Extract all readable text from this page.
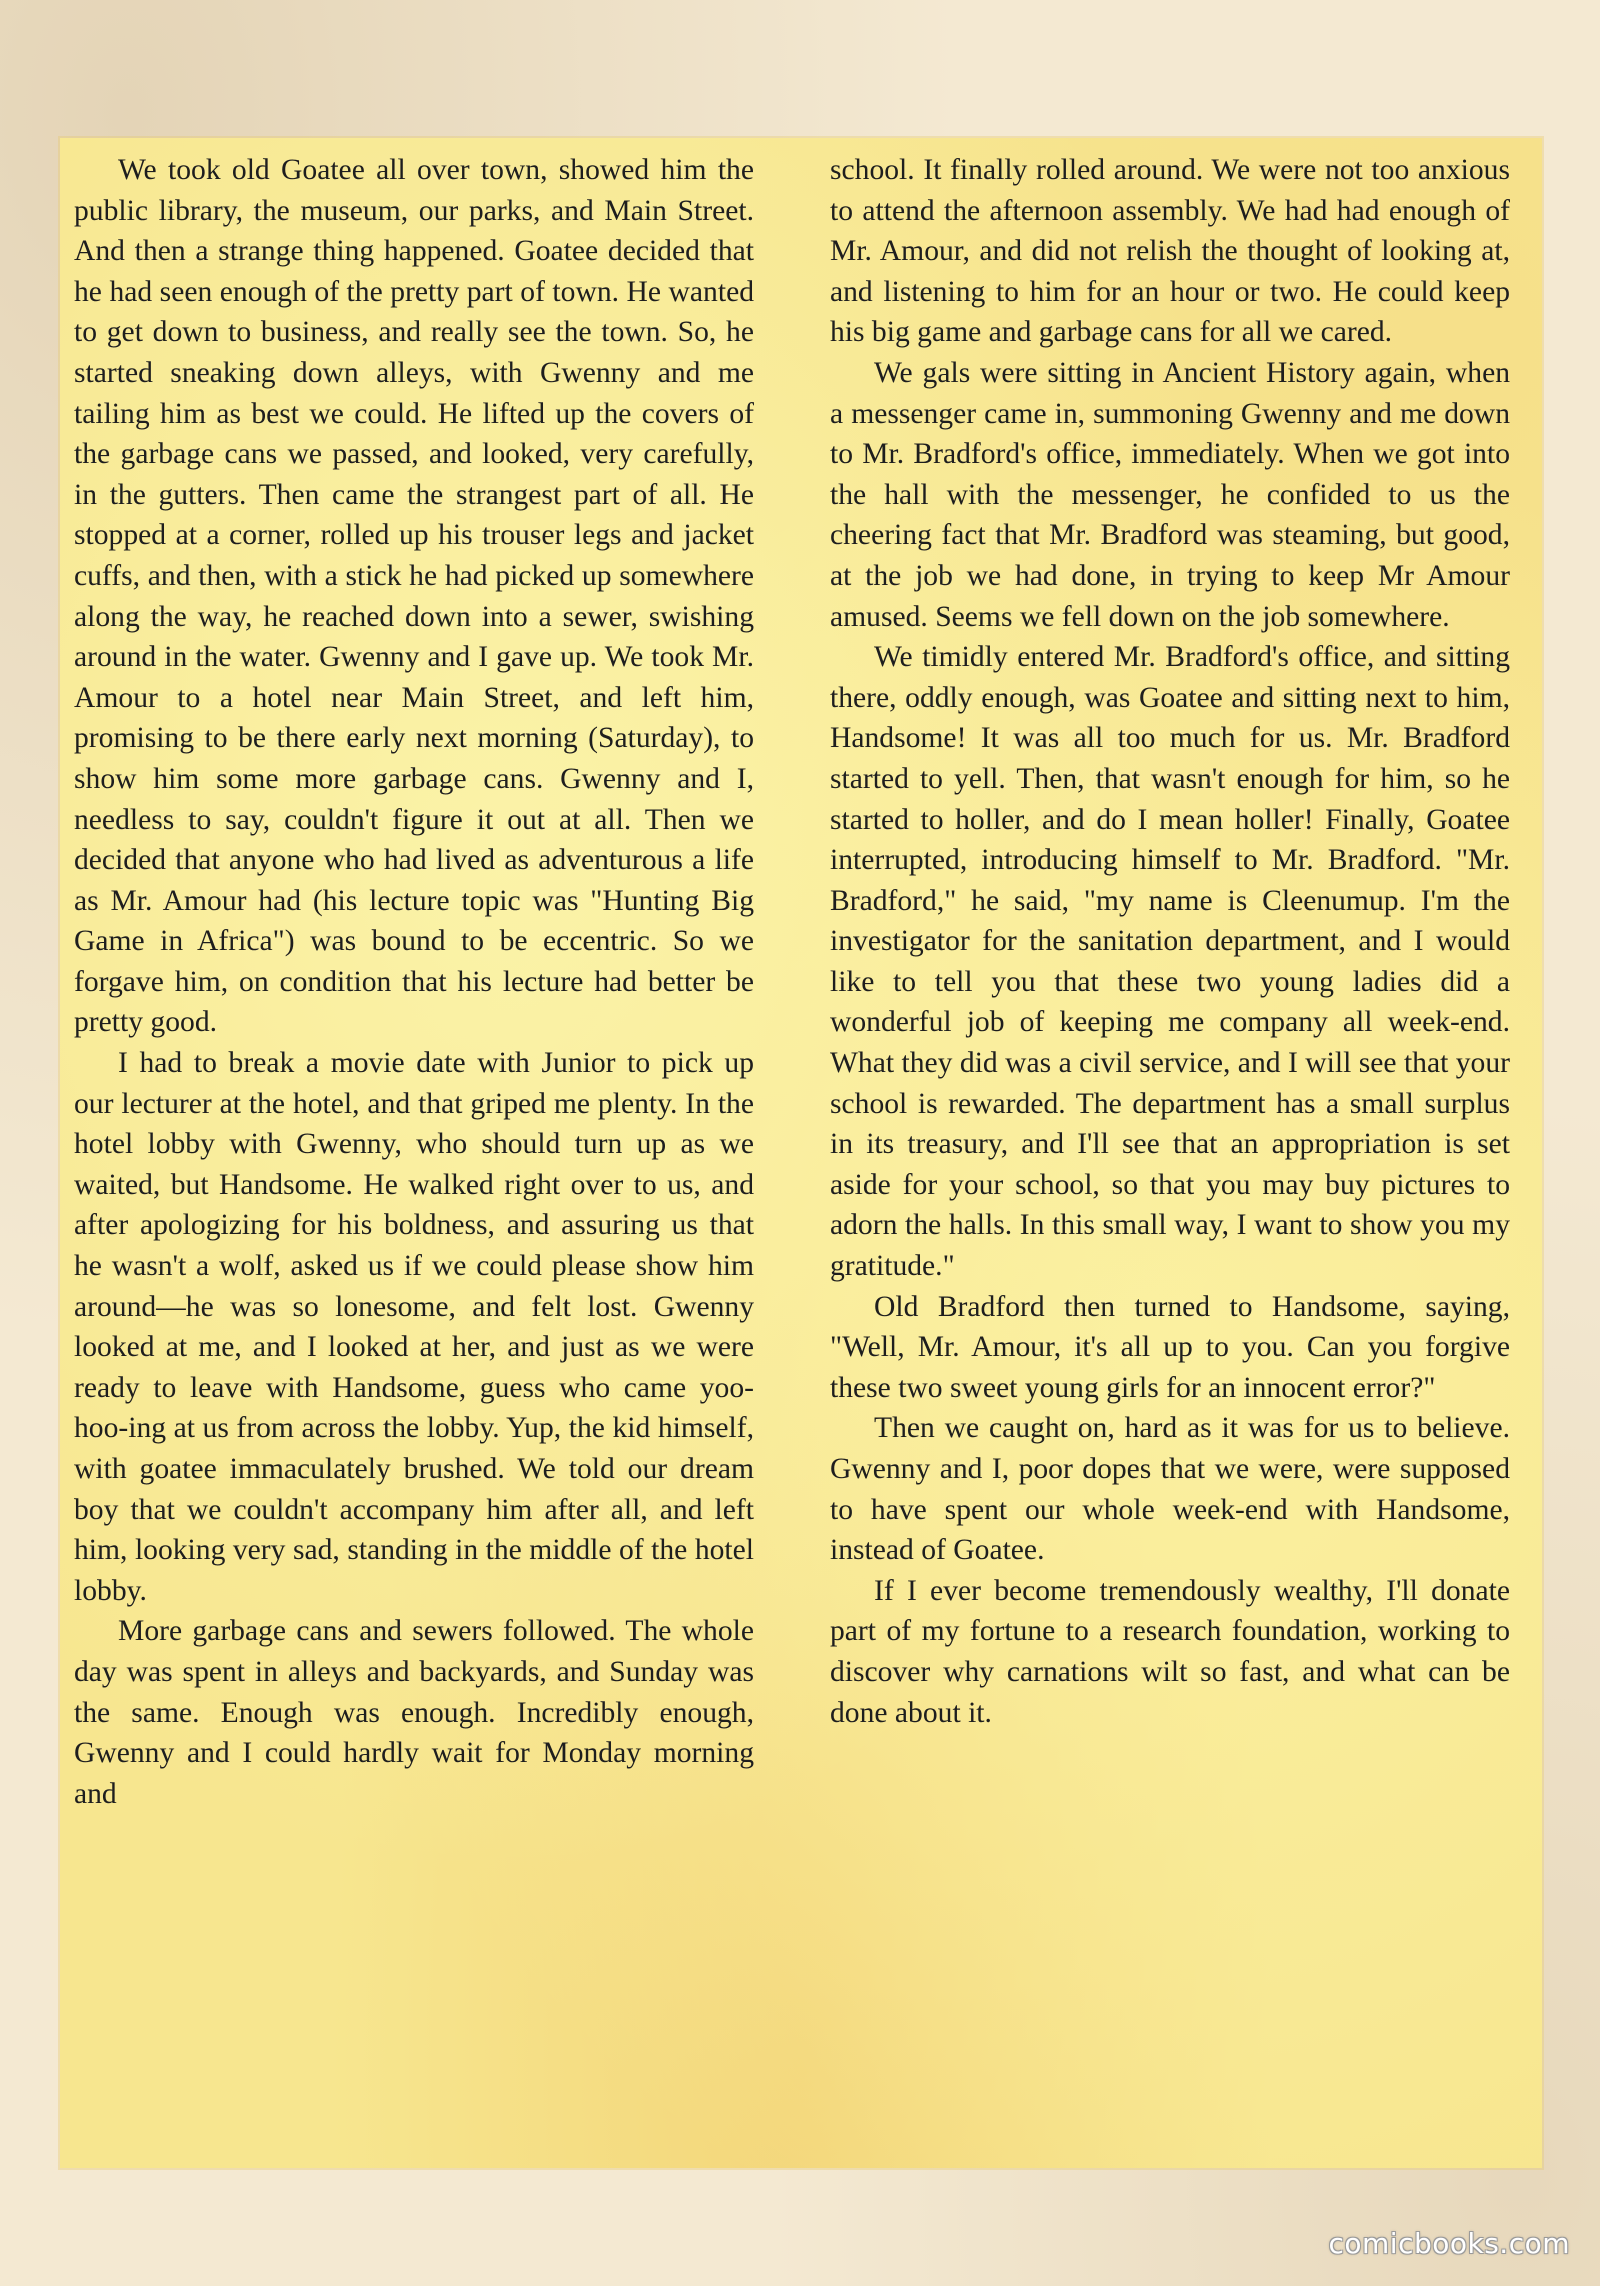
We took old Goatee all over town, showed him the public library, the museum, our parks, and Main Street. And then a strange thing happened. Goatee decided that he had seen enough of the pretty part of town. He wanted to get down to business, and really see the town. So, he started sneaking down alleys, with Gwenny and me tailing him as best we could. He lifted up the covers of the garbage cans we passed, and looked, very carefully, in the gutters. Then came the strangest part of all. He stopped at a corner, rolled up his trouser legs and jacket cuffs, and then, with a stick he had picked up somewhere along the way, he reached down into a sewer, swishing around in the water. Gwenny and I gave up. We took Mr. Amour to a hotel near Main Street, and left him, promising to be there early next morning (Saturday), to show him some more garbage cans. Gwenny and I, needless to say, couldn't figure it out at all. Then we decided that anyone who had lived as adventurous a life as Mr. Amour had (his lecture topic was "Hunting Big Game in Africa") was bound to be eccentric. So we forgave him, on condition that his lecture had better be pretty good.

I had to break a movie date with Junior to pick up our lecturer at the hotel, and that griped me plenty. In the hotel lobby with Gwenny, who should turn up as we waited, but Handsome. He walked right over to us, and after apologizing for his boldness, and assuring us that he wasn't a wolf, asked us if we could please show him around—he was so lonesome, and felt lost. Gwenny looked at me, and I looked at her, and just as we were ready to leave with Handsome, guess who came yoo-hoo-ing at us from across the lobby. Yup, the kid himself, with goatee immaculately brushed. We told our dream boy that we couldn't accompany him after all, and left him, looking very sad, standing in the middle of the hotel lobby.

More garbage cans and sewers followed. The whole day was spent in alleys and backyards, and Sunday was the same. Enough was enough. Incredibly enough, Gwenny and I could hardly wait for Monday morning and

school. It finally rolled around. We were not too anxious to attend the afternoon assembly. We had had enough of Mr. Amour, and did not relish the thought of looking at, and listening to him for an hour or two. He could keep his big game and garbage cans for all we cared.

We gals were sitting in Ancient History again, when a messenger came in, summoning Gwenny and me down to Mr. Bradford's office, immediately. When we got into the hall with the messenger, he confided to us the cheering fact that Mr. Bradford was steaming, but good, at the job we had done, in trying to keep Mr Amour amused. Seems we fell down on the job somewhere.

We timidly entered Mr. Bradford's office, and sitting there, oddly enough, was Goatee and sitting next to him, Handsome! It was all too much for us. Mr. Bradford started to yell. Then, that wasn't enough for him, so he started to holler, and do I mean holler! Finally, Goatee interrupted, introducing himself to Mr. Bradford. "Mr. Bradford," he said, "my name is Cleenumup. I'm the investigator for the sanitation department, and I would like to tell you that these two young ladies did a wonderful job of keeping me company all week-end. What they did was a civil service, and I will see that your school is rewarded. The department has a small surplus in its treasury, and I'll see that an appropriation is set aside for your school, so that you may buy pictures to adorn the halls. In this small way, I want to show you my gratitude."

Old Bradford then turned to Handsome, saying, "Well, Mr. Amour, it's all up to you. Can you forgive these two sweet young girls for an innocent error?"

Then we caught on, hard as it was for us to believe. Gwenny and I, poor dopes that we were, were supposed to have spent our whole week-end with Handsome, instead of Goatee.

If I ever become tremendously wealthy, I'll donate part of my fortune to a research foundation, working to discover why carnations wilt so fast, and what can be done about it.

comicbooks.com
